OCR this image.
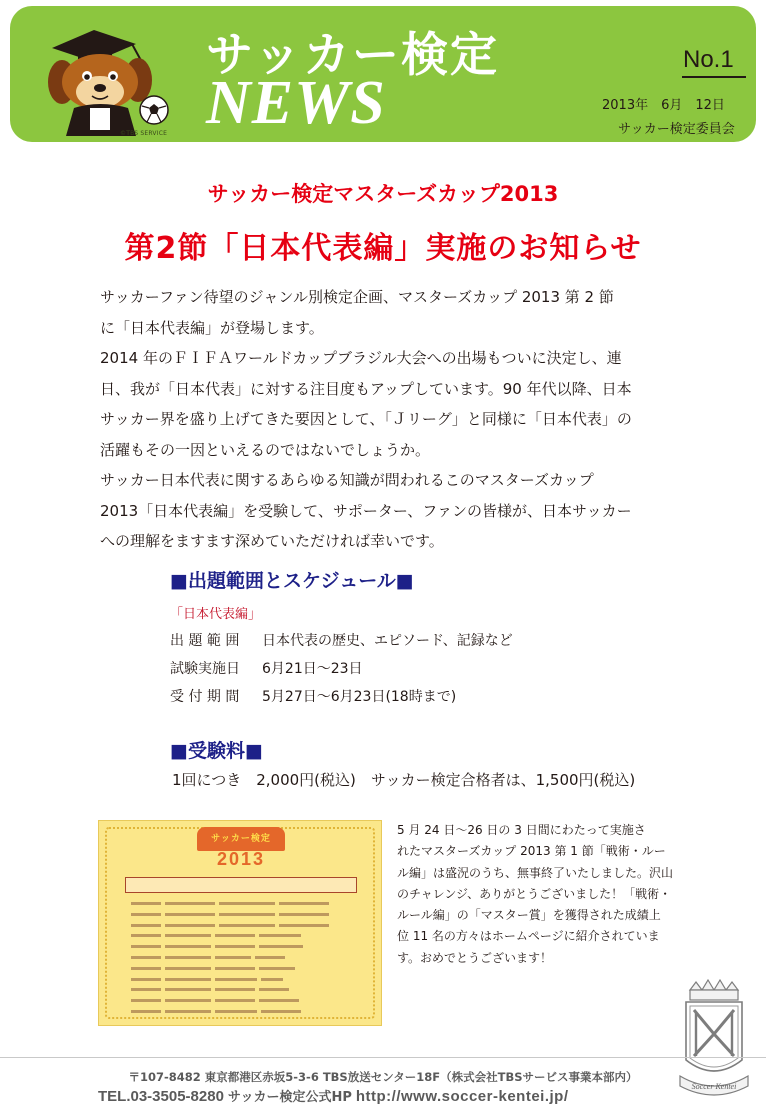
©TBS SERVICE
サッカー検定
NEWS
No.1
2013年　6月　12日
サッカー検定委員会
サッカー検定マスターズカップ2013
第2節「日本代表編」実施のお知らせ
サッカーファン待望のジャンル別検定企画、マスターズカップ 2013 第 2 節
に「日本代表編」が登場します。
2014 年のＦＩＦＡワールドカップブラジル大会への出場もついに決定し、連
日、我が「日本代表」に対する注目度もアップしています。90 年代以降、日本
サッカー界を盛り上げてきた要因として、「Ｊリーグ」と同様に「日本代表」の
活躍もその一因といえるのではないでしょうか。
サッカー日本代表に関するあらゆる知識が問われるこのマスターズカップ
2013「日本代表編」を受験して、サポーター、ファンの皆様が、日本サッカー
への理解をますます深めていただければ幸いです。
■出題範囲とスケジュール■
「日本代表編」
出 題 範 囲 日本代表の歴史、エピソード、記録など
試験実施日 6月21日～23日
受 付 期 間 5月27日～6月23日(18時まで)
■受験料■
1回につき　2,000円(税込)　サッカー検定合格者は、1,500円(税込)
サッカー検定
2013
5 月 24 日～26 日の 3 日間にわたって実施さ
れたマスターズカップ 2013 第 1 節「戦術・ルー
ル編」は盛況のうち、無事終了いたしました。沢山
のチャレンジ、ありがとうございました！「戦術・
ルール編」の「マスター賞」を獲得された成績上
位 11 名の方々はホームページに紹介されていま
す。おめでとうございます！
Soccer Kentei
〒107-8482 東京都港区赤坂5-3-6 TBS放送センター18F（株式会社TBSサービス事業本部内）
TEL.03-3505-8280 サッカー検定公式HP http://www.soccer-kentei.jp/
